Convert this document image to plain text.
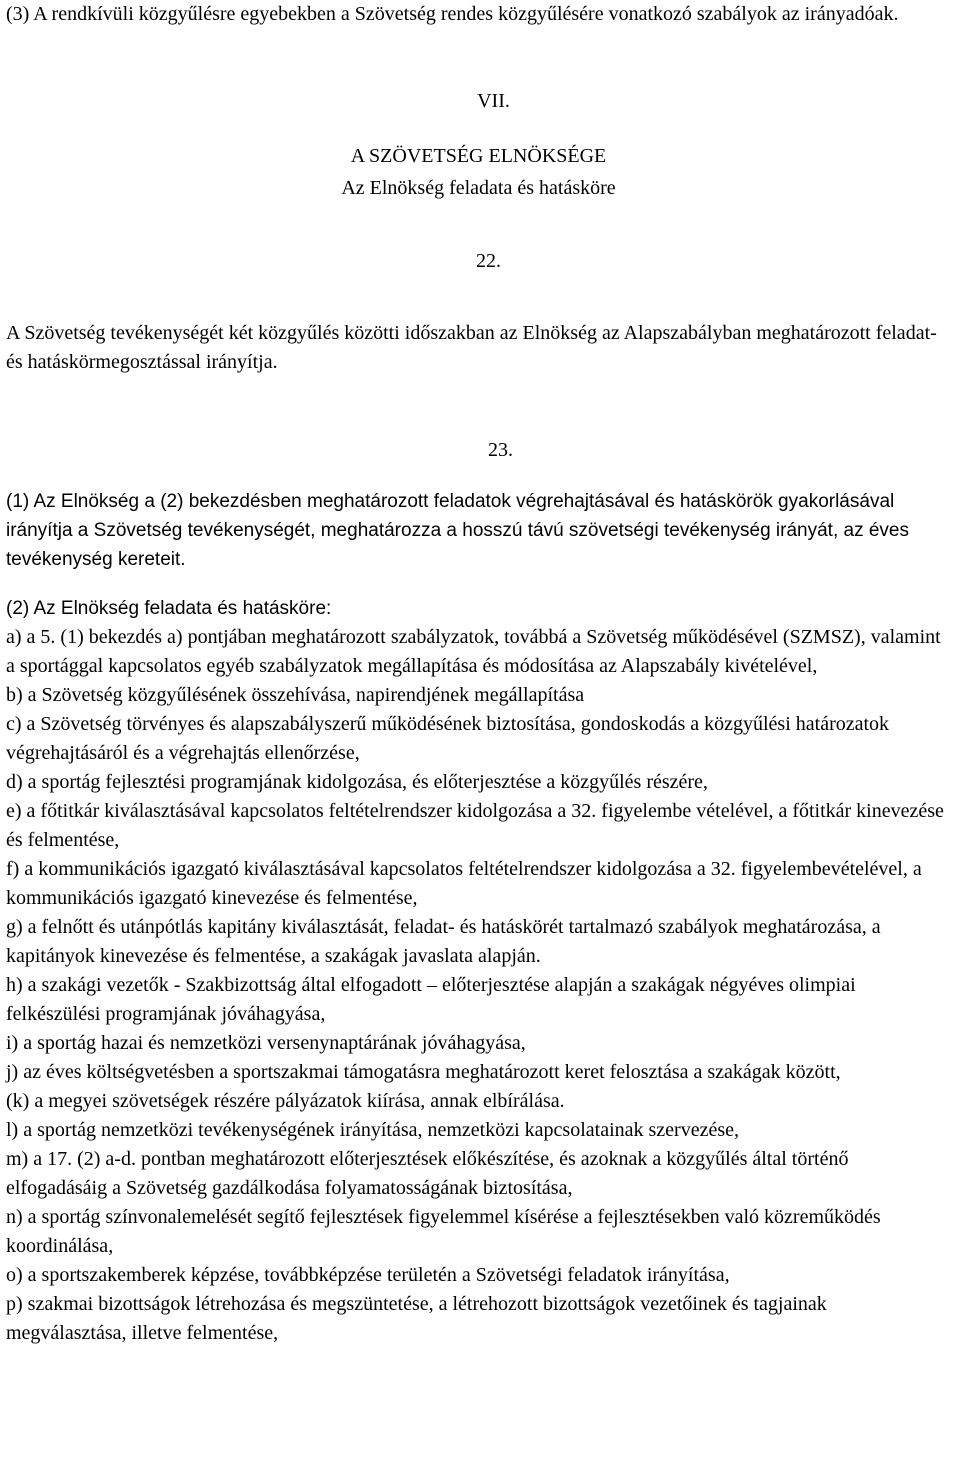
(3) A rendkívüli közgyűlésre egyebekben a Szövetség rendes közgyűlésére vonatkozó szabályok az irányadóak.

VII.

A SZÖVETSÉG ELNÖKSÉGE

Az Elnökség feladata és hatásköre

22.

A Szövetség tevékenységét két közgyűlés közötti időszakban az Elnökség az Alapszabályban meghatározott feladat- és hatáskörmegosztással irányítja.

23.

(1) Az Elnökség a (2) bekezdésben meghatározott feladatok végrehajtásával és hatáskörök gyakorlásával irányítja a Szövetség tevékenységét, meghatározza a hosszú távú szövetségi tevékenység irányát, az éves tevékenység kereteit.

(2) Az Elnökség feladata és hatásköre:

a) a 5. (1) bekezdés a) pontjában meghatározott szabályzatok, továbbá a Szövetség működésével (SZMSZ), valamint a sportággal kapcsolatos egyéb szabályzatok megállapítása és módosítása az Alapszabály kivételével,

b) a Szövetség közgyűlésének összehívása, napirendjének megállapítása

c) a Szövetség törvényes és alapszabályszerű működésének biztosítása, gondoskodás a közgyűlési határozatok végrehajtásáról és a végrehajtás ellenőrzése,

d) a sportág fejlesztési programjának kidolgozása, és előterjesztése a közgyűlés részére,

e) a főtitkár kiválasztásával kapcsolatos feltételrendszer kidolgozása a 32. figyelembe vételével, a főtitkár kinevezése és felmentése,

f) a kommunikációs igazgató kiválasztásával kapcsolatos feltételrendszer kidolgozása a 32. figyelembevételével, a kommunikációs igazgató kinevezése és felmentése,

g) a felnőtt és utánpótlás kapitány kiválasztását, feladat- és hatáskörét tartalmazó szabályok meghatározása, a kapitányok kinevezése és felmentése, a szakágak javaslata alapján.

h) a szakági vezetők - Szakbizottság által elfogadott – előterjesztése alapján a szakágak négyéves olimpiai felkészülési programjának jóváhagyása,

i) a sportág hazai és nemzetközi versenynaptárának jóváhagyása,

j) az éves költségvetésben a sportszakmai támogatásra meghatározott keret felosztása a szakágak között,

(k) a megyei szövetségek részére pályázatok kiírása, annak elbírálása.

l) a sportág nemzetközi tevékenységének irányítása, nemzetközi kapcsolatainak szervezése,

m) a 17. (2) a-d. pontban meghatározott előterjesztések előkészítése, és azoknak a közgyűlés által történő elfogadásáig a Szövetség gazdálkodása folyamatosságának biztosítása,

n) a sportág színvonalemelését segítő fejlesztések figyelemmel kísérése a fejlesztésekben való közreműködés koordinálása,

o) a sportszakemberek képzése, továbbképzése területén a Szövetségi feladatok irányítása,

p) szakmai bizottságok létrehozása és megszüntetése, a létrehozott bizottságok vezetőinek és tagjainak megválasztása, illetve felmentése,
